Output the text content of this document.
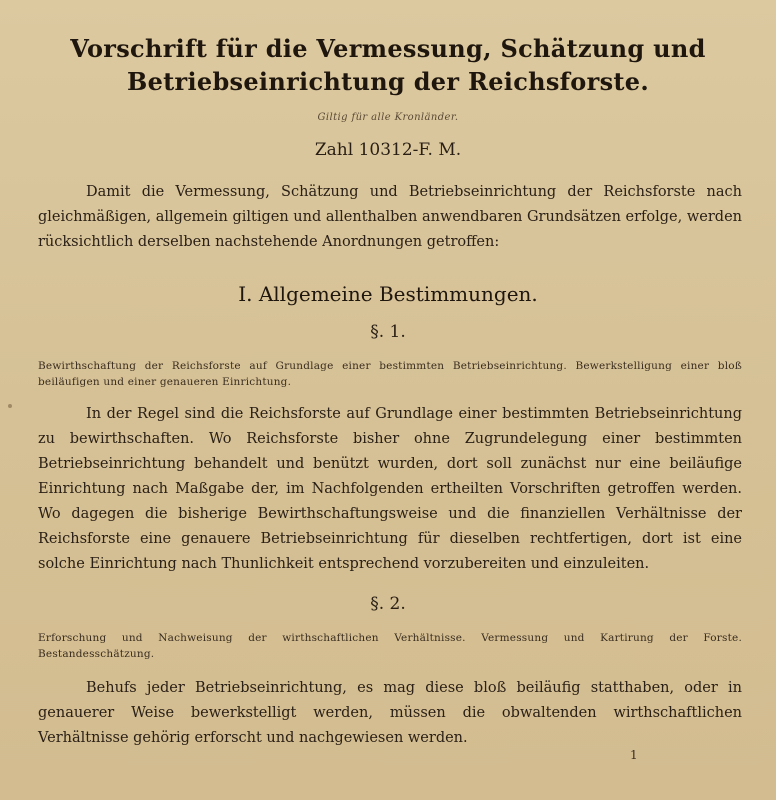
Vorschrift für die Vermessung, Schätzung und Betriebseinrichtung der Reichsforste.
Giltig für alle Kronländer.
Zahl 10312-F. M.
Damit die Vermessung, Schätzung und Betriebseinrichtung der Reichsforste nach gleichmäßigen, allgemein giltigen und allenthalben anwendbaren Grundsätzen erfolge, werden rücksichtlich derselben nachstehende Anordnungen getroffen:
I. Allgemeine Bestimmungen.
§. 1.
Bewirthschaftung der Reichsforste auf Grundlage einer bestimmten Betriebseinrichtung. Bewerkstelligung einer bloß beiläufigen und einer genaueren Einrichtung.
In der Regel sind die Reichsforste auf Grundlage einer bestimmten Betriebseinrichtung zu bewirthschaften. Wo Reichsforste bisher ohne Zugrundelegung einer bestimmten Betriebseinrichtung behandelt und benützt wurden, dort soll zunächst nur eine beiläufige Einrichtung nach Maßgabe der, im Nachfolgenden ertheilten Vorschriften getroffen werden. Wo dagegen die bisherige Bewirthschaftungsweise und die finanziellen Verhältnisse der Reichsforste eine genauere Betriebseinrichtung für dieselben rechtfertigen, dort ist eine solche Einrichtung nach Thunlichkeit entsprechend vorzubereiten und einzuleiten.
§. 2.
Erforschung und Nachweisung der wirthschaftlichen Verhältnisse. Vermessung und Kartirung der Forste. Bestandesschätzung.
Behufs jeder Betriebseinrichtung, es mag diese bloß beiläufig statthaben, oder in genauerer Weise bewerkstelligt werden, müssen die obwaltenden wirthschaftlichen Verhältnisse gehörig erforscht und nachgewiesen werden.
1
